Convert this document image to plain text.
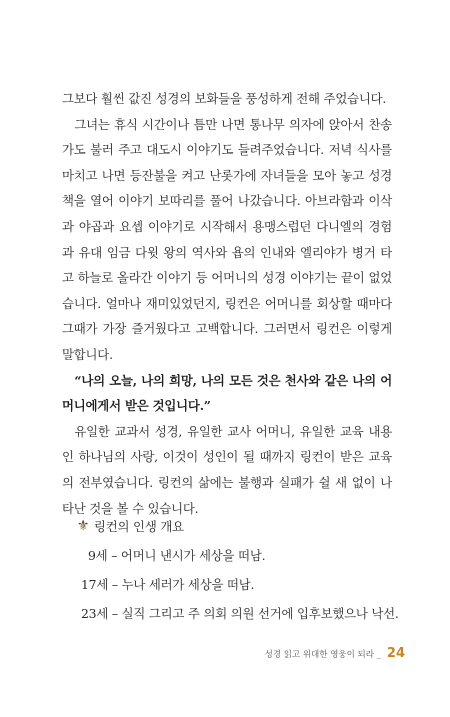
그보다 훨씬 값진 성경의 보화들을 풍성하게 전해 주었습니다.

그녀는 휴식 시간이나 틈만 나면 통나무 의자에 앉아서 찬송가도 불러 주고 대도시 이야기도 들려주었습니다. 저녁 식사를 마치고 나면 등잔불을 켜고 난롯가에 자녀들을 모아 놓고 성경책을 열어 이야기 보따리를 풀어 나갔습니다. 아브라함과 이삭과 야곱과 요셉 이야기로 시작해서 용맹스럽던 다니엘의 경험과 유대 임금 다윗 왕의 역사와 욥의 인내와 엘리야가 병거 타고 하늘로 올라간 이야기 등 어머니의 성경 이야기는 끝이 없었습니다. 얼마나 재미있었던지, 링컨은 어머니를 회상할 때마다 그때가 가장 즐거웠다고 고백합니다. 그러면서 링컨은 이렇게 말합니다.

“나의 오늘, 나의 희망, 나의 모든 것은 천사와 같은 나의 어머니에게서 받은 것입니다.”

유일한 교과서 성경, 유일한 교사 어머니, 유일한 교육 내용인 하나님의 사랑, 이것이 성인이 될 때까지 링컨이 받은 교육의 전부였습니다. 링컨의 삶에는 불행과 실패가 쉴 새 없이 나타난 것을 볼 수 있습니다.

⚜ 링컨의 인생 개요
9세 – 어머니 낸시가 세상을 떠남.
17세 – 누나 세러가 세상을 떠남.
23세 – 실직 그리고 주 의회 의원 선거에 입후보했으나 낙선.
성경 읽고 위대한 영웅이 되라 _ 24
